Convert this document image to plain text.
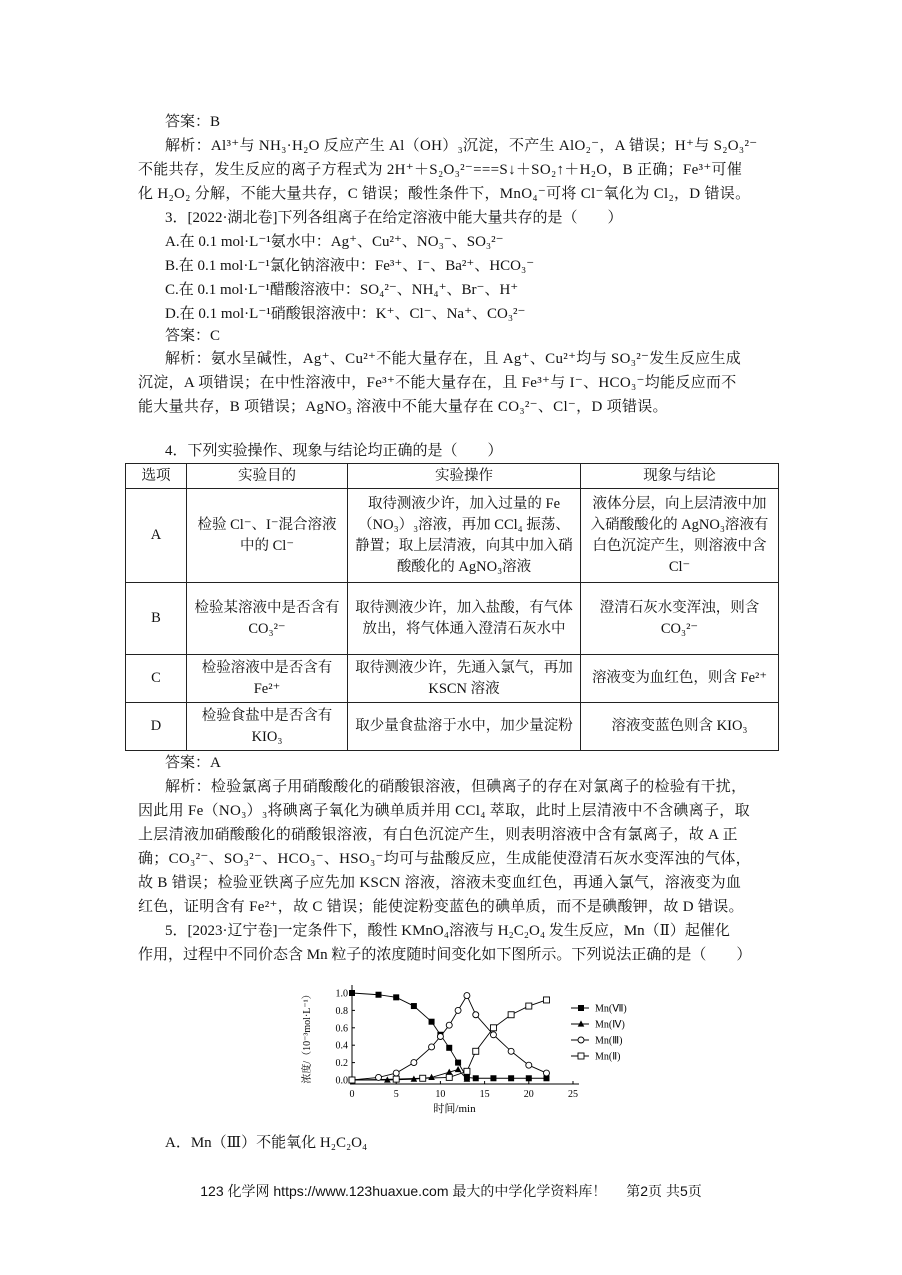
答案：B
解析：Al³⁺与 NH₃·H₂O 反应产生 Al（OH）₃沉淀，不产生 AlO₂⁻，A 错误；H⁺与 S₂O₃²⁻
不能共存，发生反应的离子方程式为 2H⁺＋S₂O₃²⁻===S↓＋SO₂↑＋H₂O，B 正确；Fe³⁺可催
化 H₂O₂ 分解，不能大量共存，C 错误；酸性条件下，MnO₄⁻可将 Cl⁻氧化为 Cl₂，D 错误。
3．[2022·湖北卷]下列各组离子在给定溶液中能大量共存的是（　　）
A.在 0.1 mol·L⁻¹氨水中：Ag⁺、Cu²⁺、NO₃⁻、SO₃²⁻
B.在 0.1 mol·L⁻¹氯化钠溶液中：Fe³⁺、I⁻、Ba²⁺、HCO₃⁻
C.在 0.1 mol·L⁻¹醋酸溶液中：SO₄²⁻、NH₄⁺、Br⁻、H⁺
D.在 0.1 mol·L⁻¹硝酸银溶液中：K⁺、Cl⁻、Na⁺、CO₃²⁻
答案：C
解析：氨水呈碱性，Ag⁺、Cu²⁺不能大量存在，且 Ag⁺、Cu²⁺均与 SO₃²⁻发生反应生成
沉淀，A 项错误；在中性溶液中，Fe³⁺不能大量存在，且 Fe³⁺与 I⁻、HCO₃⁻均能反应而不
能大量共存，B 项错误；AgNO₃ 溶液中不能大量存在 CO₃²⁻、Cl⁻，D 项错误。
4．下列实验操作、现象与结论均正确的是（　　）
选项	实验目的	实验操作	现象与结论
A	检验 Cl⁻、I⁻混合溶液中的 Cl⁻	取待测液少许，加入过量的 Fe（NO₃）₃溶液，再加 CCl₄ 振荡、静置；取上层清液，向其中加入硝酸酸化的 AgNO₃溶液	液体分层，向上层清液中加入硝酸酸化的 AgNO₃溶液有白色沉淀产生，则溶液中含 Cl⁻
B	检验某溶液中是否含有 CO₃²⁻	取待测液少许，加入盐酸，有气体放出，将气体通入澄清石灰水中	澄清石灰水变浑浊，则含 CO₃²⁻
C	检验溶液中是否含有 Fe²⁺	取待测液少许，先通入氯气，再加 KSCN 溶液	溶液变为血红色，则含 Fe²⁺
D	检验食盐中是否含有 KIO₃	取少量食盐溶于水中，加少量淀粉	溶液变蓝色则含 KIO₃
答案：A
解析：检验氯离子用硝酸酸化的硝酸银溶液，但碘离子的存在对氯离子的检验有干扰，
因此用 Fe（NO₃）₃将碘离子氧化为碘单质并用 CCl₄ 萃取，此时上层清液中不含碘离子，取
上层清液加硝酸酸化的硝酸银溶液，有白色沉淀产生，则表明溶液中含有氯离子，故 A 正
确；CO₃²⁻、SO₃²⁻、HCO₃⁻、HSO₃⁻均可与盐酸反应，生成能使澄清石灰水变浑浊的气体，
故 B 错误；检验亚铁离子应先加 KSCN 溶液，溶液未变血红色，再通入氯气，溶液变为血
红色，证明含有 Fe²⁺，故 C 错误；能使淀粉变蓝色的碘单质，而不是碘酸钾，故 D 错误。
5．[2023·辽宁卷]一定条件下，酸性 KMnO₄溶液与 H₂C₂O₄ 发生反应，Mn（Ⅱ）起催化
作用，过程中不同价态含 Mn 粒子的浓度随时间变化如下图所示。下列说法正确的是（　　）
0.0
0.2
0.4
0.6
0.8
1.0
0	5	10	15	20	25
时间/min
浓度/（10⁻³mol·L⁻¹）	Mn(Ⅶ)
Mn(Ⅳ)
Mn(Ⅲ)
Mn(Ⅱ)
A．Mn（Ⅲ）不能氧化 H₂C₂O₄
123 化学网 https://www.123huaxue.com 最大的中学化学资料库！ 第2页 共5页
